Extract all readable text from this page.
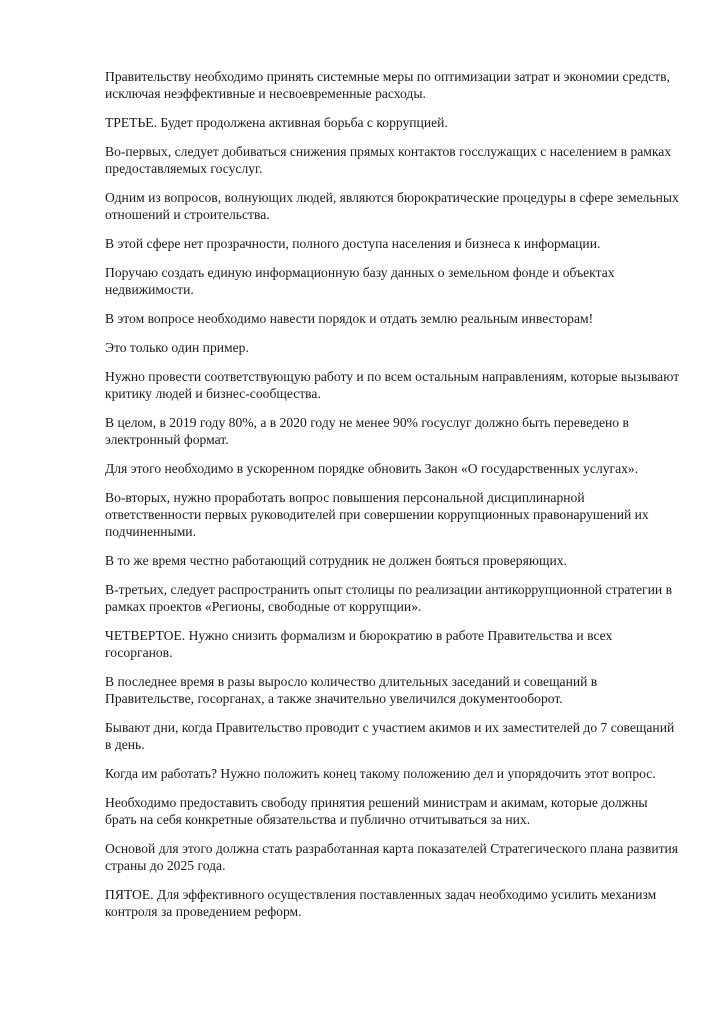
Правительству необходимо принять системные меры по оптимизации затрат и экономии средств, исключая неэффективные и несвоевременные расходы.

ТРЕТЬЕ. Будет продолжена активная борьба с коррупцией.

Во-первых, следует добиваться снижения прямых контактов госслужащих с населением в рамках предоставляемых госуслуг.

Одним из вопросов, волнующих людей, являются бюрократические процедуры в сфере земельных отношений и строительства.

В этой сфере нет прозрачности, полного доступа населения и бизнеса к информации.

Поручаю создать единую информационную базу данных о земельном фонде и объектах недвижимости.

В этом вопросе необходимо навести порядок и отдать землю реальным инвесторам!

Это только один пример.

Нужно провести соответствующую работу и по всем остальным направлениям, которые вызывают критику людей и бизнес-сообщества.

В целом, в 2019 году 80%, а в 2020 году не менее 90% госуслуг должно быть переведено в электронный формат.

Для этого необходимо в ускоренном порядке обновить Закон «О государственных услугах».

Во-вторых, нужно проработать вопрос повышения персональной дисциплинарной ответственности первых руководителей при совершении коррупционных правонарушений их подчиненными.

В то же время честно работающий сотрудник не должен бояться проверяющих.

В-третьих, следует распространить опыт столицы по реализации антикоррупционной стратегии в рамках проектов «Регионы, свободные от коррупции».

ЧЕТВЕРТОЕ. Нужно снизить формализм и бюрократию в работе Правительства и всех госорганов.

В последнее время в разы выросло количество длительных заседаний и совещаний в Правительстве, госорганах, а также значительно увеличился документооборот.

Бывают дни, когда Правительство проводит с участием акимов и их заместителей до 7 совещаний в день.

Когда им работать? Нужно положить конец такому положению дел и упорядочить этот вопрос.

Необходимо предоставить свободу принятия решений министрам и акимам, которые должны брать на себя конкретные обязательства и публично отчитываться за них.

Основой для этого должна стать разработанная карта показателей Стратегического плана развития страны до 2025 года.

ПЯТОЕ. Для эффективного осуществления поставленных задач необходимо усилить механизм контроля за проведением реформ.
